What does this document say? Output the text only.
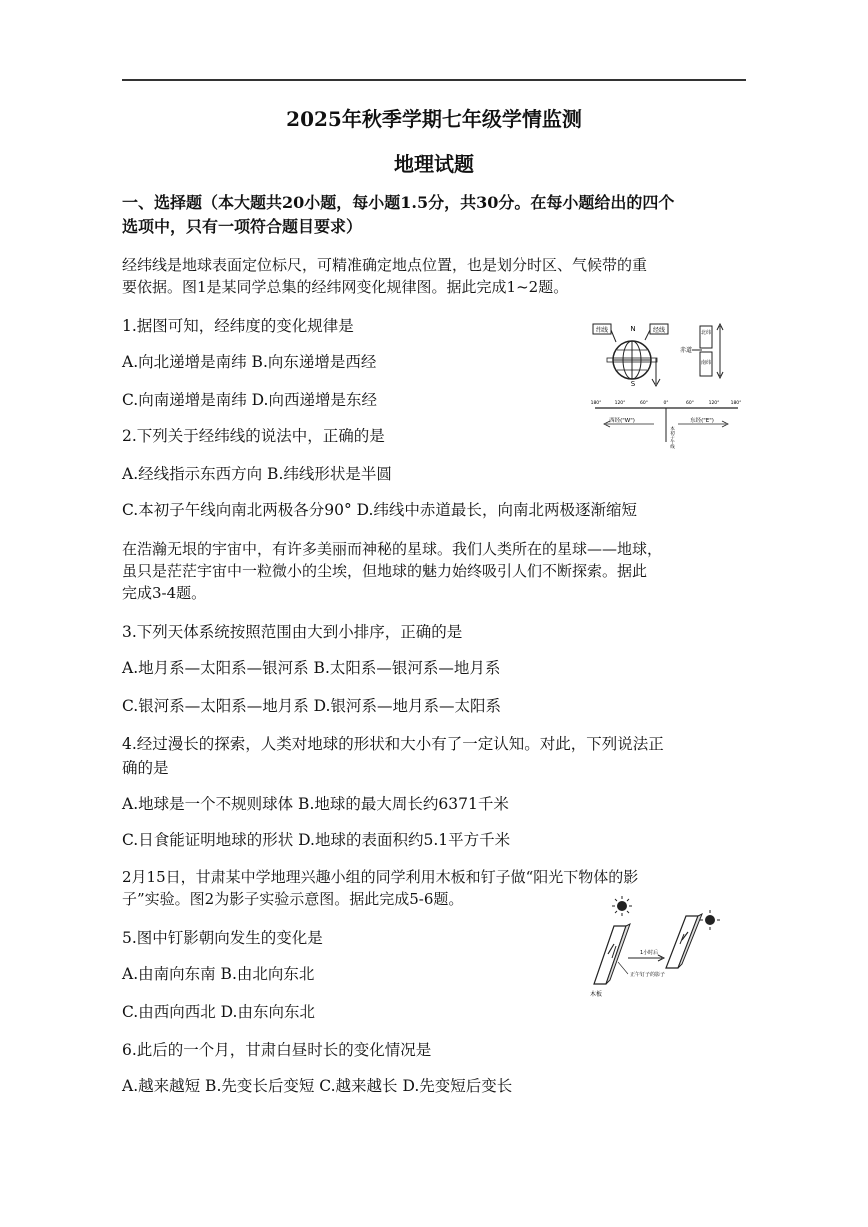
2025年秋季学期七年级学情监测
地理试题
一、选择题（本大题共20小题，每小题1.5分，共30分。在每小题给出的四个
选项中，只有一项符合题目要求）
经纬线是地球表面定位标尺，可精准确定地点位置，也是划分时区、气候带的重
要依据。图1是某同学总集的经纬网变化规律图。据此完成1~2题。
1.据图可知，经纬度的变化规律是
A.向北递增是南纬 B.向东递增是西经
C.向南递增是南纬 D.向西递增是东经
2.下列关于经纬线的说法中，正确的是
A.经线指示东西方向 B.纬线形状是半圆
C.本初子午线向南北两极各分90° D.纬线中赤道最长，向南北两极逐渐缩短
在浩瀚无垠的宇宙中，有许多美丽而神秘的星球。我们人类所在的星球——地球，
虽只是茫茫宇宙中一粒微小的尘埃，但地球的魅力始终吸引人们不断探索。据此
完成3-4题。
3.下列天体系统按照范围由大到小排序，正确的是
A.地月系—太阳系—银河系 B.太阳系—银河系—地月系
C.银河系—太阳系—地月系 D.银河系—地月系—太阳系
4.经过漫长的探索，人类对地球的形状和大小有了一定认知。对此，下列说法正
确的是
A.地球是一个不规则球体 B.地球的最大周长约6371千米
C.日食能证明地球的形状 D.地球的表面积约5.1平方千米
2月15日，甘肃某中学地理兴趣小组的同学利用木板和钉子做“阳光下物体的影
子”实验。图2为影子实验示意图。据此完成5-6题。
5.图中钉影朝向发生的变化是
A.由南向东南 B.由北向东北
C.由西向西北 D.由东向东北
6.此后的一个月，甘肃白昼时长的变化情况是
A.越来越短 B.先变长后变短 C.越来越长 D.先变短后变长
纬线	经线
N
S
赤道
北纬
南纬
180°	120°	60°	0°	60°	120° 180°
西经("W")	东经("E")
本初子午线
木板
1小时后
正午钉子的影子
